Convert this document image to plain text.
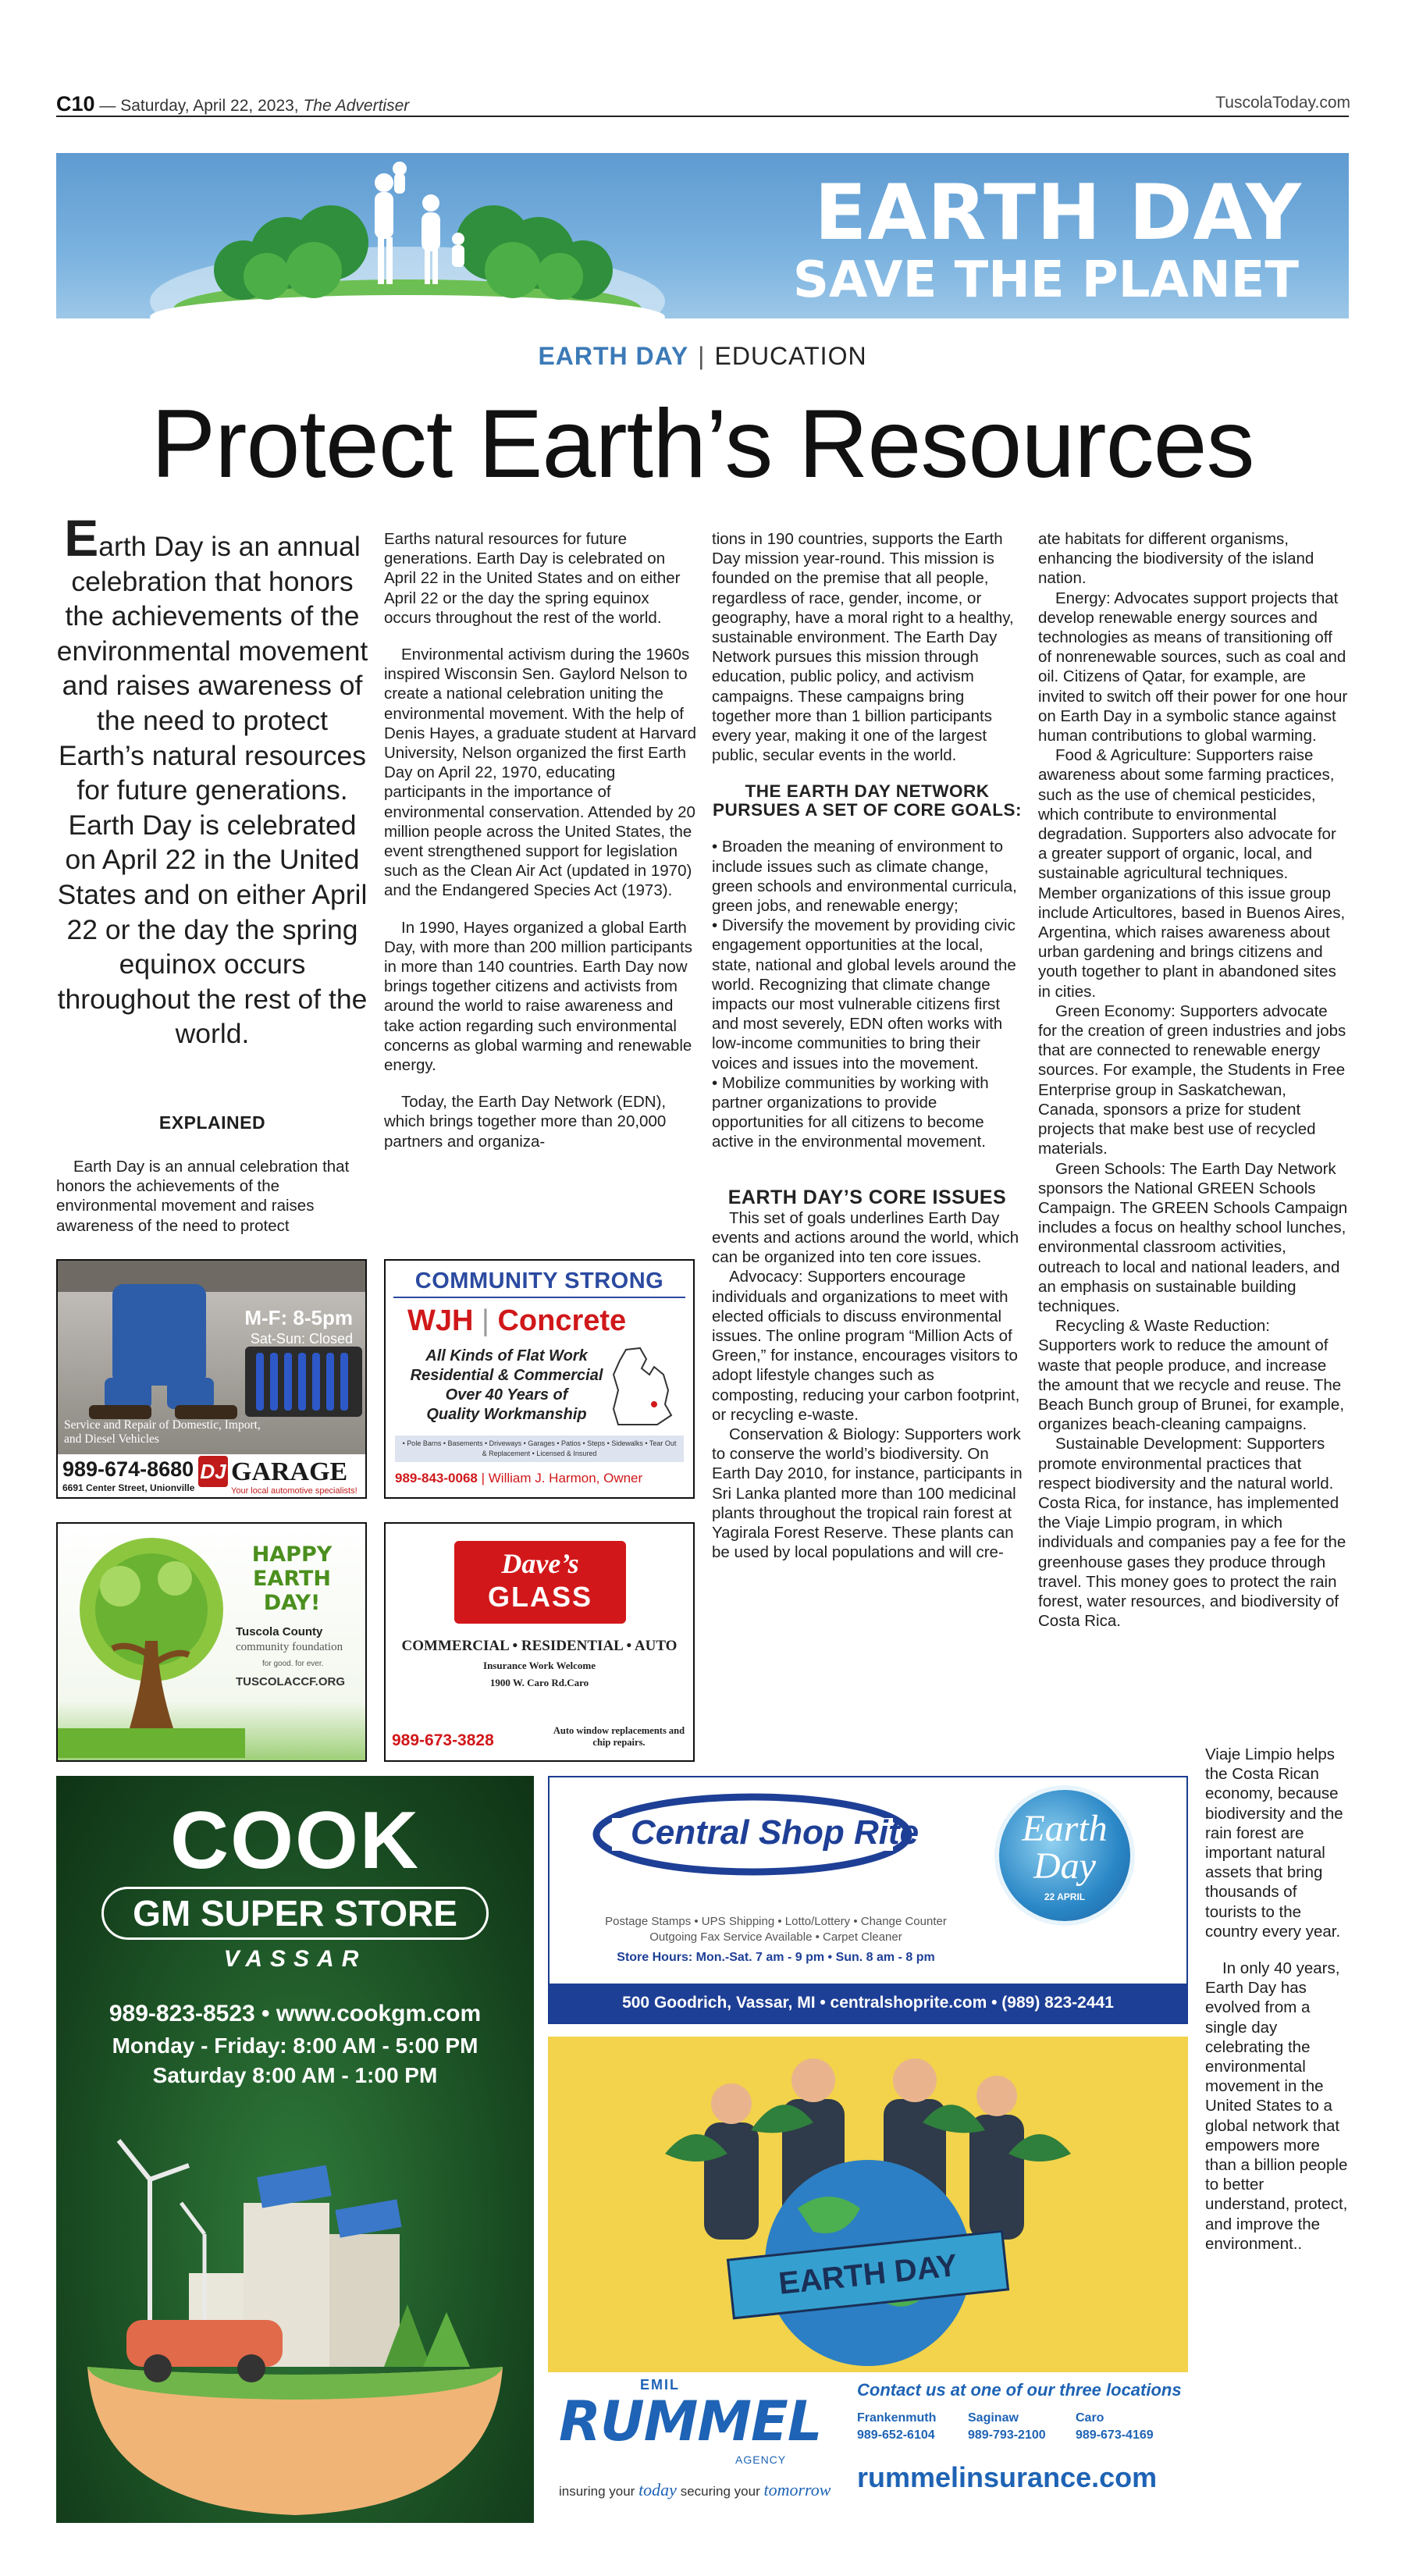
C10 — Saturday, April 22, 2023, The Advertiser	TuscolaToday.com
EARTH DAY
SAVE THE PLANET
EARTH DAY | EDUCATION
Protect Earth’s Resources
Earth Day is an annual celebration that honors the achievements of the environmental movement and raises awareness of the need to protect Earth’s natural resources for future generations. Earth Day is celebrated on April 22 in the United States and on either April 22 or the day the spring equinox occurs throughout the rest of the world.
EXPLAINED

Earth Day is an annual celebration that honors the achievements of the environmental movement and raises awareness of the need to protect

Earths natural resources for future generations. Earth Day is celebrated on April 22 in the United States and on either April 22 or the day the spring equinox occurs throughout the rest of the world.

Environmental activism during the 1960s inspired Wisconsin Sen. Gaylord Nelson to create a national celebration uniting the environmental movement. With the help of Denis Hayes, a graduate student at Harvard University, Nelson organized the first Earth Day on April 22, 1970, educating participants in the importance of environmental conservation. Attended by 20 million people across the United States, the event strengthened support for legislation such as the Clean Air Act (updated in 1970) and the Endangered Species Act (1973).

In 1990, Hayes organized a global Earth Day, with more than 200 million participants in more than 140 countries. Earth Day now brings together citizens and activists from around the world to raise awareness and take action regarding such environmental concerns as global warming and renewable energy.

Today, the Earth Day Network (EDN), which brings together more than 20,000 partners and organiza-

tions in 190 countries, supports the Earth Day mission year-round. This mission is founded on the premise that all people, regardless of race, gender, income, or geography, have a moral right to a healthy, sustainable environment. The Earth Day Network pursues this mission through education, public policy, and activism campaigns. These campaigns bring together more than 1 billion participants every year, making it one of the largest public, secular events in the world.

THE EARTH DAY NETWORK PURSUES A SET OF CORE GOALS:

• Broaden the meaning of environment to include issues such as climate change, green schools and environmental curricula, green jobs, and renewable energy;

• Diversify the movement by providing civic engagement opportunities at the local, state, national and global levels around the world. Recognizing that climate change impacts our most vulnerable citizens first and most severely, EDN often works with low-income communities to bring their voices and issues into the movement.

• Mobilize communities by working with partner organizations to provide opportunities for all citizens to become active in the environmental movement.

EARTH DAY’S CORE ISSUES

This set of goals underlines Earth Day events and actions around the world, which can be organized into ten core issues.

Advocacy: Supporters encourage individuals and organizations to meet with elected officials to discuss environmental issues. The online program “Million Acts of Green,” for instance, encourages visitors to adopt lifestyle changes such as composting, reducing your carbon footprint, or recycling e-waste.

Conservation & Biology: Supporters work to conserve the world’s biodiversity. On Earth Day 2010, for instance, participants in Sri Lanka planted more than 100 medicinal plants throughout the tropical rain forest at Yagirala Forest Reserve. These plants can be used by local populations and will cre-

ate habitats for different organisms, enhancing the biodiversity of the island nation.

Energy: Advocates support projects that develop renewable energy sources and technologies as means of transitioning off of nonrenewable sources, such as coal and oil. Citizens of Qatar, for example, are invited to switch off their power for one hour on Earth Day in a symbolic stance against human contributions to global warming.

Food & Agriculture: Supporters raise awareness about some farming practices, such as the use of chemical pesticides, which contribute to environmental degradation. Supporters also advocate for a greater support of organic, local, and sustainable agricultural techniques. Member organizations of this issue group include Articultores, based in Buenos Aires, Argentina, which raises awareness about urban gardening and brings citizens and youth together to plant in abandoned sites in cities.

Green Economy: Supporters advocate for the creation of green industries and jobs that are connected to renewable energy sources. For example, the Students in Free Enterprise group in Saskatchewan, Canada, sponsors a prize for student projects that make best use of recycled materials.

Green Schools: The Earth Day Network sponsors the National GREEN Schools Campaign. The GREEN Schools Campaign includes a focus on healthy school lunches, environmental classroom activities, outreach to local and national leaders, and an emphasis on sustainable building techniques.

Recycling & Waste Reduction: Supporters work to reduce the amount of waste that people produce, and increase the amount that we recycle and reuse. The Beach Bunch group of Brunei, for example, organizes beach-cleaning campaigns.

Sustainable Development: Supporters promote environmental practices that respect biodiversity and the natural world. Costa Rica, for instance, has implemented the Viaje Limpio program, in which individuals and companies pay a fee for the greenhouse gases they produce through travel. This money goes to protect the rain forest, water resources, and biodiversity of Costa Rica.

Viaje Limpio helps the Costa Rican economy, because biodiversity and the rain forest are important natural assets that bring thousands of tourists to the country every year.

In only 40 years, Earth Day has evolved from a single day celebrating the environmental movement in the United States to a global network that empowers more than a billion people to better understand, protect, and improve the environment..

M-F: 8-5pm
Sat-Sun: Closed
Service and Repair of Domestic, Import, and Diesel Vehicles
989-674-8680
6691 Center Street, Unionville
DJ GARAGE
Your local automotive specialists!
COMMUNITY STRONG
WJH | Concrete
All Kinds of Flat Work
Residential & Commercial
Over 40 Years of
Quality Workmanship
• Pole Barns • Basements • Driveways • Garages • Patios • Steps • Sidewalks • Tear Out & Replacement • Licensed & Insured
989-843-0068 | William J. Harmon, Owner
HAPPY
EARTH
DAY!
Tuscola County
community foundation
for good. for ever.
TUSCOLACCF.ORG
Dave’s
GLASS
COMMERCIAL • RESIDENTIAL • AUTO
Insurance Work Welcome
1900 W. Caro Rd.Caro
989-673-3828
Auto window replacements and chip repairs.
COOK
GM SUPER STORE
VASSAR
989-823-8523 • www.cookgm.com
Monday - Friday: 8:00 AM - 5:00 PM
Saturday 8:00 AM - 1:00 PM
Central Shop Rite
Postage Stamps • UPS Shipping • Lotto/Lottery • Change Counter
Outgoing Fax Service Available • Carpet Cleaner
Store Hours: Mon.-Sat. 7 am - 9 pm • Sun. 8 am - 8 pm
Earth
Day
22 APRIL
500 Goodrich, Vassar, MI • centralshoprite.com • (989) 823-2441
EARTH DAY
EMIL
RUMMEL
AGENCY
insuring your today securing your tomorrow
Contact us at one of our three locations
Frankenmuth	Saginaw	Caro
989-652-6104	989-793-2100 989-673-4169
rummelinsurance.com
